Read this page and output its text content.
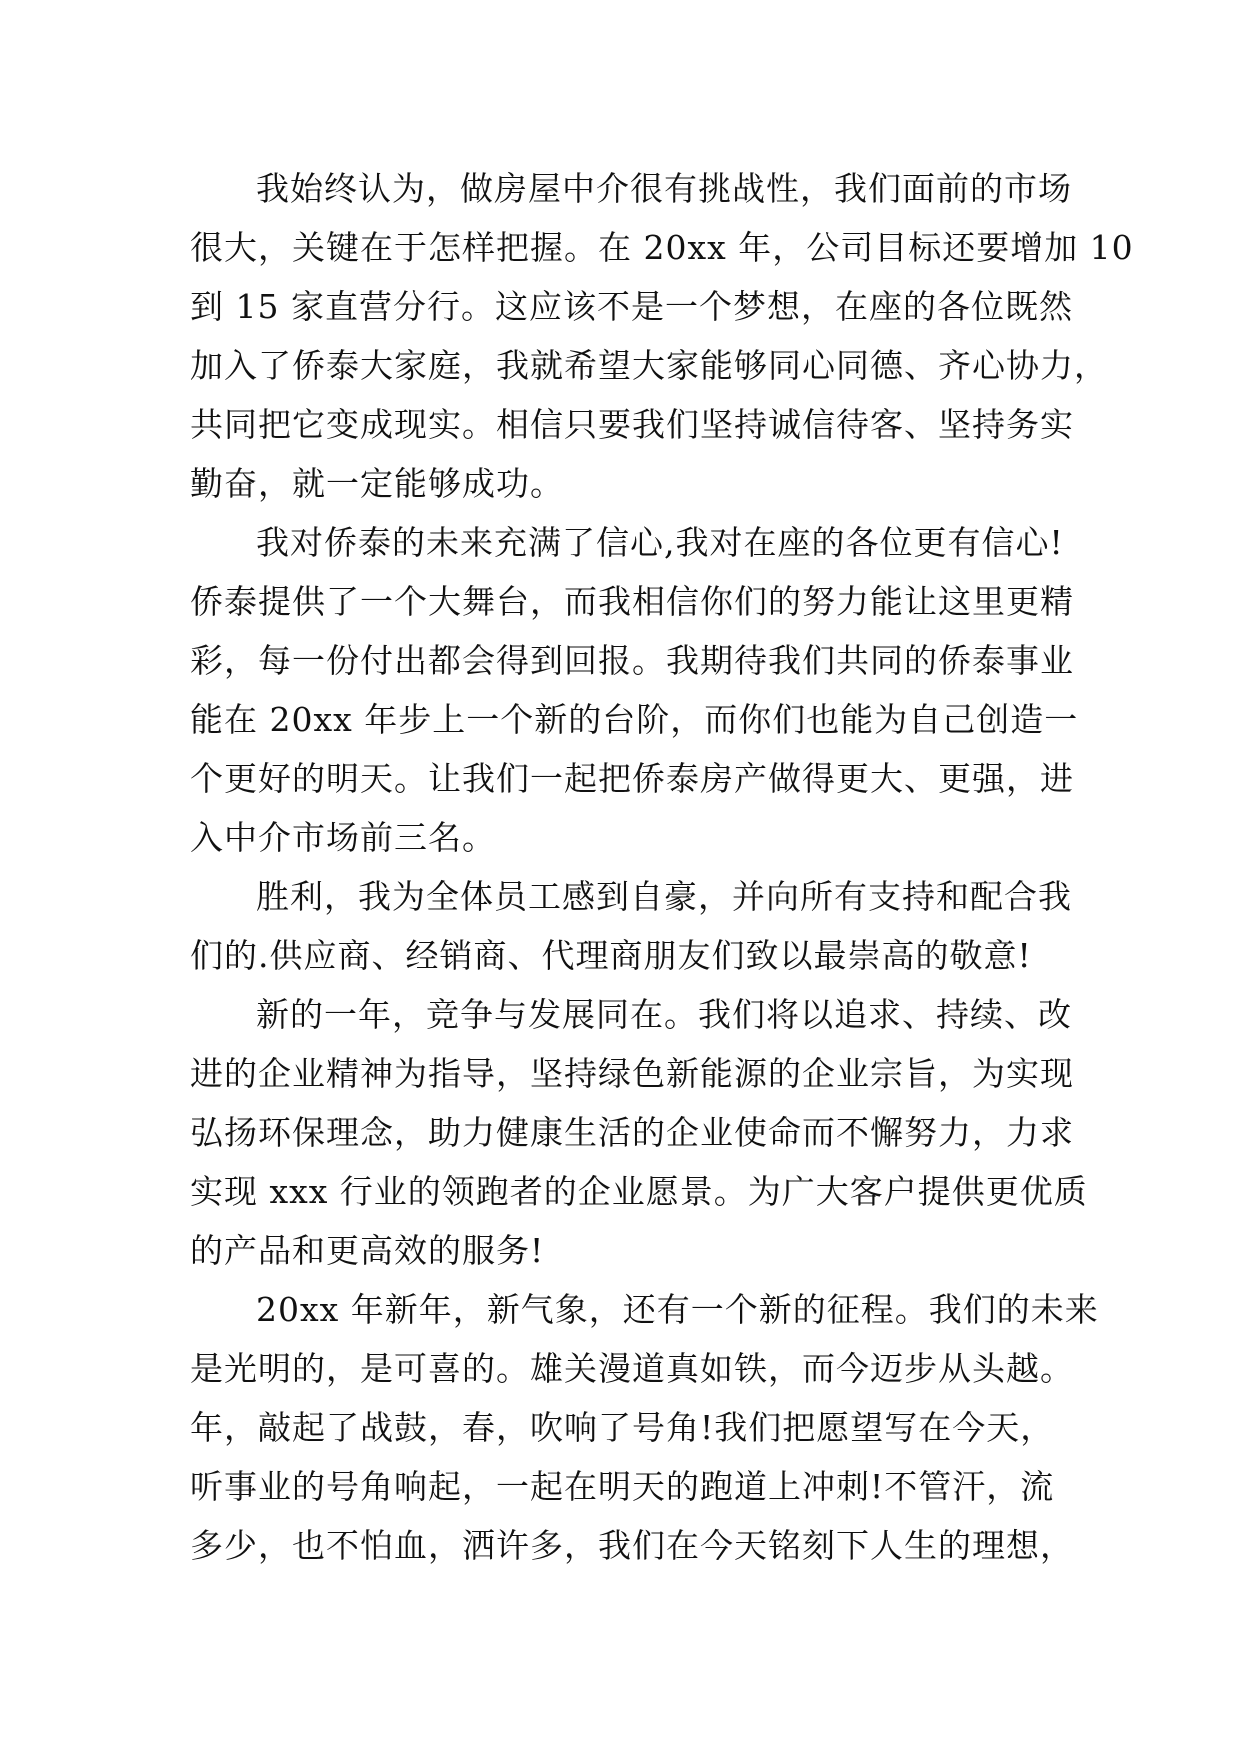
我始终认为，做房屋中介很有挑战性，我们面前的市场
很大，关键在于怎样把握。在 20xx 年，公司目标还要增加 10
到 15 家直营分行。这应该不是一个梦想，在座的各位既然
加入了侨泰大家庭，我就希望大家能够同心同德、齐心协力，
共同把它变成现实。相信只要我们坚持诚信待客、坚持务实
勤奋，就一定能够成功。
我对侨泰的未来充满了信心,我对在座的各位更有信心!
侨泰提供了一个大舞台，而我相信你们的努力能让这里更精
彩，每一份付出都会得到回报。我期待我们共同的侨泰事业
能在 20xx 年步上一个新的台阶，而你们也能为自己创造一
个更好的明天。让我们一起把侨泰房产做得更大、更强，进
入中介市场前三名。
胜利，我为全体员工感到自豪，并向所有支持和配合我
们的.供应商、经销商、代理商朋友们致以最崇高的敬意!
新的一年，竞争与发展同在。我们将以追求、持续、改
进的企业精神为指导，坚持绿色新能源的企业宗旨，为实现
弘扬环保理念，助力健康生活的企业使命而不懈努力，力求
实现 xxx 行业的领跑者的企业愿景。为广大客户提供更优质
的产品和更高效的服务!
20xx 年新年，新气象，还有一个新的征程。我们的未来
是光明的，是可喜的。雄关漫道真如铁，而今迈步从头越。
年，敲起了战鼓，春，吹响了号角!我们把愿望写在今天，
听事业的号角响起，一起在明天的跑道上冲刺!不管汗，流
多少，也不怕血，洒许多，我们在今天铭刻下人生的理想，
